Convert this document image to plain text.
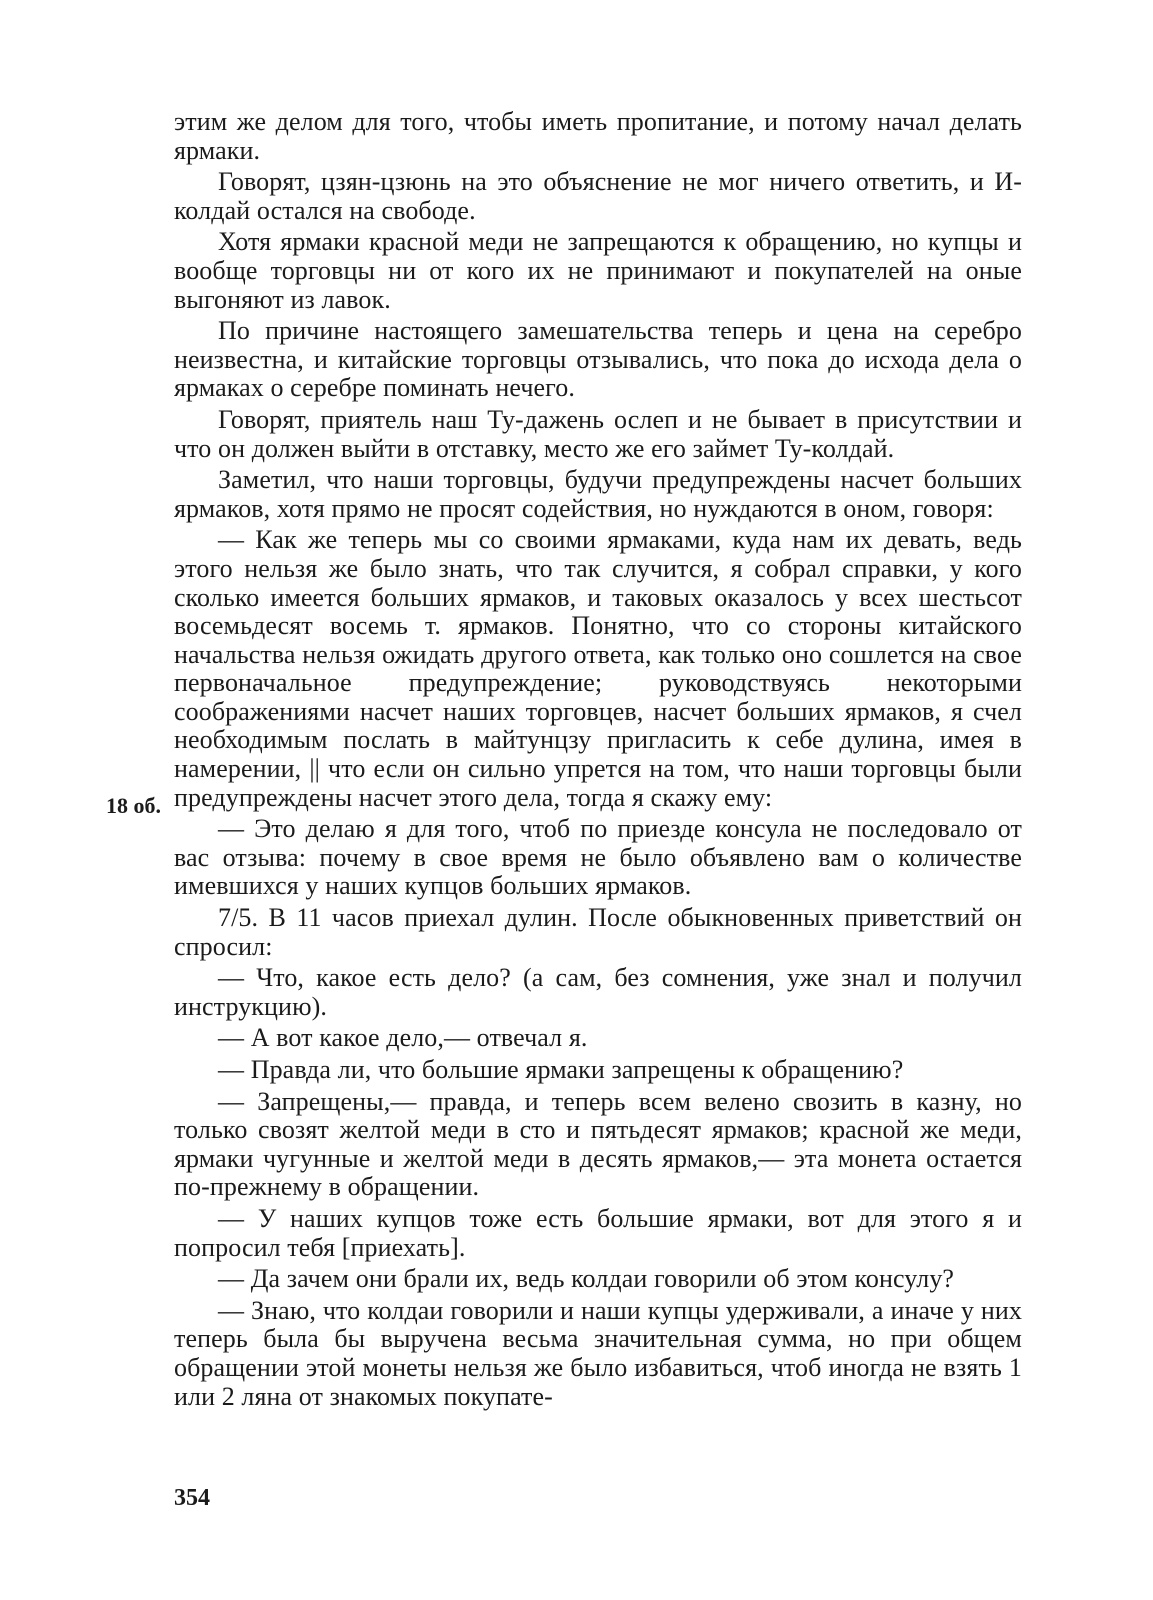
этим же делом для того, чтобы иметь пропитание, и потому начал делать ярмаки.

Говорят, цзян-цзюнь на это объяснение не мог ничего ответить, и И-колдай остался на свободе.

Хотя ярмаки красной меди не запрещаются к обращению, но купцы и вообще торговцы ни от кого их не принимают и покупателей на оные выгоняют из лавок.

По причине настоящего замешательства теперь и цена на серебро неизвестна, и китайские торговцы отзывались, что пока до исхода дела о ярмаках о серебре поминать нечего.

Говорят, приятель наш Ту-дажень ослеп и не бывает в присутствии и что он должен выйти в отставку, место же его займет Ту-колдай.

Заметил, что наши торговцы, будучи предупреждены насчет больших ярмаков, хотя прямо не просят содействия, но нуждаются в оном, говоря:

— Как же теперь мы со своими ярмаками, куда нам их девать, ведь этого нельзя же было знать, что так случится, я собрал справки, у кого сколько имеется больших ярмаков, и таковых оказалось у всех шестьсот восемьдесят восемь т. ярмаков. Понятно, что со стороны китайского начальства нельзя ожидать другого ответа, как только оно сошлется на свое первоначальное предупреждение; руководствуясь некоторыми соображениями насчет наших торговцев, насчет больших ярмаков, я счел необходимым послать в майтунцзу пригласить к себе дулина, имея в намерении, || что если он сильно упрется на том, что наши торговцы были предупреждены насчет этого дела, тогда я скажу ему:

— Это делаю я для того, чтоб по приезде консула не последовало от вас отзыва: почему в свое время не было объявлено вам о количестве имевшихся у наших купцов больших ярмаков.

7/5. В 11 часов приехал дулин. После обыкновенных приветствий он спросил:

— Что, какое есть дело? (а сам, без сомнения, уже знал и получил инструкцию).

— А вот какое дело,— отвечал я.

— Правда ли, что большие ярмаки запрещены к обращению?

— Запрещены,— правда, и теперь всем велено свозить в казну, но только свозят желтой меди в сто и пятьдесят ярмаков; красной же меди, ярмаки чугунные и желтой меди в десять ярмаков,— эта монета остается по-прежнему в обращении.

— У наших купцов тоже есть большие ярмаки, вот для этого я и попросил тебя [приехать].

— Да зачем они брали их, ведь колдаи говорили об этом консулу?

— Знаю, что колдаи говорили и наши купцы удерживали, а иначе у них теперь была бы выручена весьма значительная сумма, но при общем обращении этой монеты нельзя же было избавиться, чтоб иногда не взять 1 или 2 ляна от знакомых покупате-

18 об.
354
